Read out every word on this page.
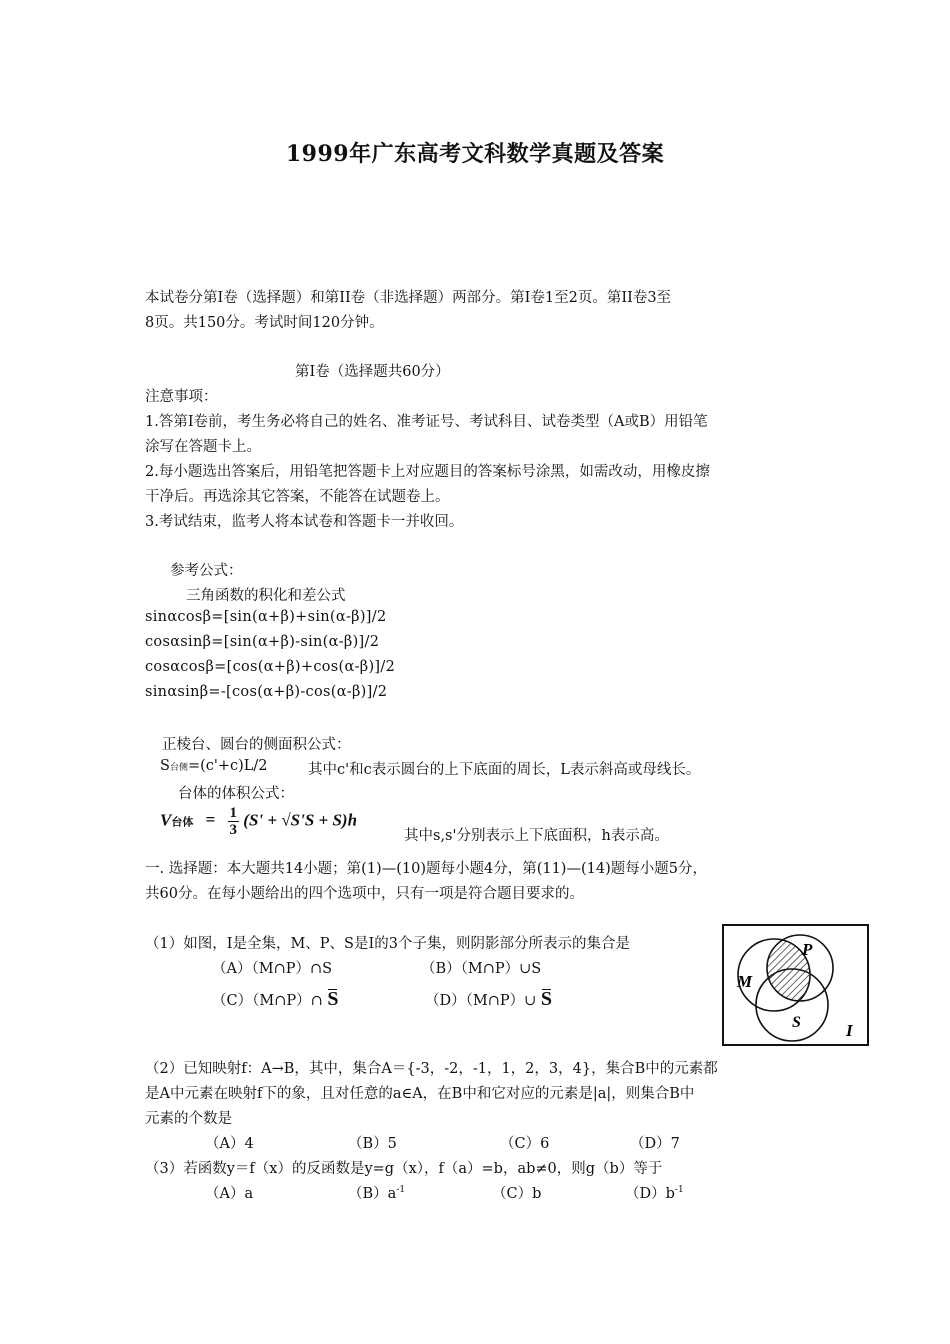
1999年广东高考文科数学真题及答案
本试卷分第Ⅰ卷（选择题）和第II卷（非选择题）两部分。第Ⅰ卷1至2页。第II卷3至
8页。共150分。考试时间120分钟。
第Ⅰ卷（选择题共60分）
注意事项：
1.答第Ⅰ卷前，考生务必将自己的姓名、准考证号、考试科目、试卷类型（A或B）用铅笔
涂写在答题卡上。
2.每小题选出答案后，用铅笔把答题卡上对应题目的答案标号涂黑，如需改动，用橡皮擦
干净后。再选涂其它答案，不能答在试题卷上。
3.考试结束，监考人将本试卷和答题卡一并收回。
参考公式：
三角函数的积化和差公式
sinαcosβ=[sin(α+β)+sin(α-β)]/2
cosαsinβ=[sin(α+β)-sin(α-β)]/2
cosαcosβ=[cos(α+β)+cos(α-β)]/2
sinαsinβ=-[cos(α+β)-cos(α-β)]/2
正棱台、圆台的侧面积公式：
S台侧=(c'+c)L/2	其中c'和c表示圆台的上下底面的周长，L表示斜高或母线长。
台体的体积公式：
V台体 = $\frac{1}{3} (S' + √S'S + S)h$
其中s,s'分别表示上下底面积，h表示高。
一. 选择题：本大题共14小题；第(1)—(10)题每小题4分，第(11)—(14)题每小题5分，
共60分。在每小题给出的四个选项中，只有一项是符合题目要求的。
（1）如图，I是全集，M、P、S是I的3个子集，则阴影部分所表示的集合是
（A）（M∩P）∩S	（B）（M∩P）∪S
（C）（M∩P）∩ S	（D）（M∩P）∪ S
P
M
S	I
（2）已知映射f：A→B，其中，集合A＝{-3，-2，-1，1，2，3，4}，集合B中的元素都
是A中元素在映射f下的象，且对任意的a∈A，在B中和它对应的元素是|a|，则集合B中
元素的个数是
（A）4	（B）5	（C）6	（D）7
（3）若函数y＝f（x）的反函数是y=g（x），f（a）=b，ab≠0，则g（b）等于
（A）a	$(B)a^{-1}$	（C）b	$(D)b^{-1}$
